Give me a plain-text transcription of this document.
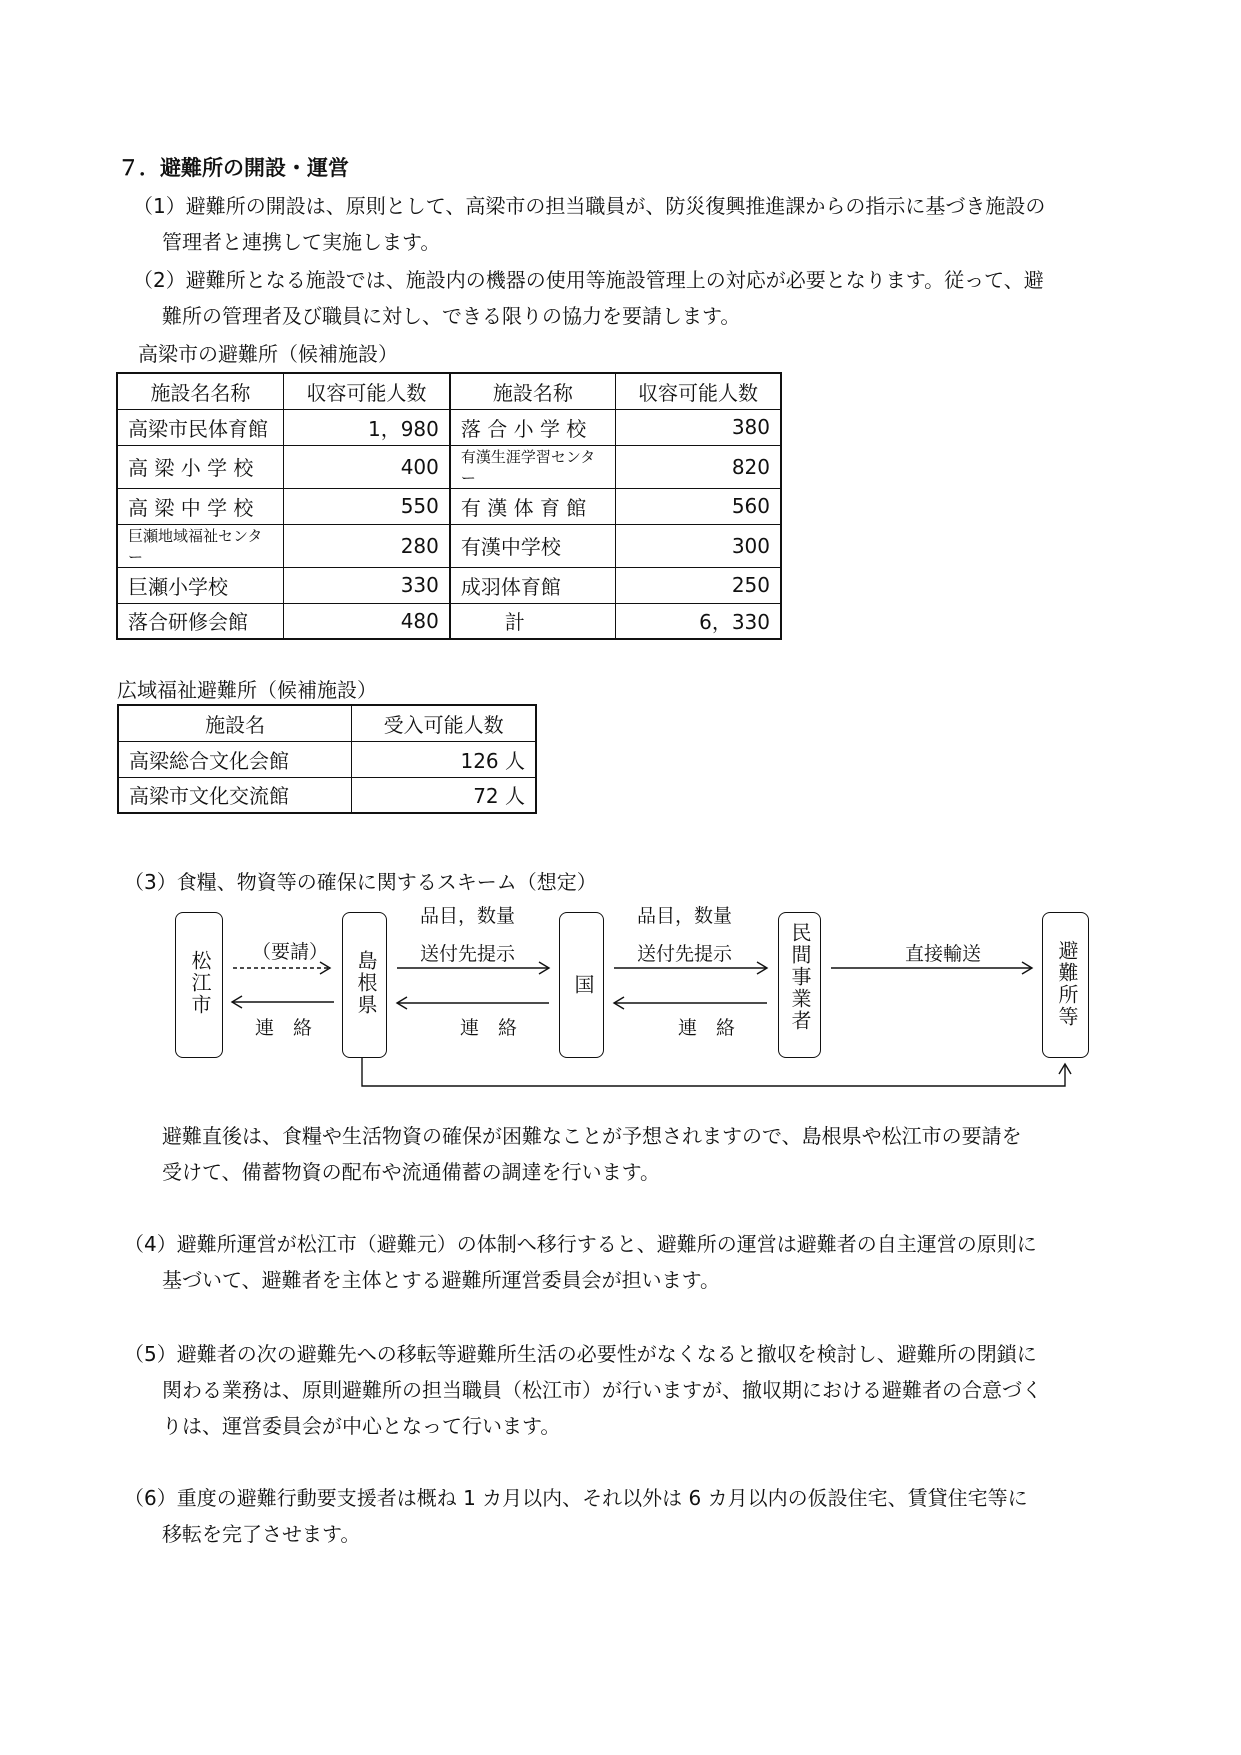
７．避難所の開設・運営
（1）避難所の開設は、原則として、高梁市の担当職員が、防災復興推進課からの指示に基づき施設の
管理者と連携して実施します。
（2）避難所となる施設では、施設内の機器の使用等施設管理上の対応が必要となります。従って、避
難所の管理者及び職員に対し、できる限りの協力を要請します。
高梁市の避難所（候補施設）
施設名名称	収容可能人数	施設名称	収容可能人数
高梁市民体育館	1，980	落 合 小 学 校	380
高 梁 小 学 校	400	有漢生涯学習センター	820
高 梁 中 学 校	550	有 漢 体 育 館	560
巨瀬地域福祉センター	280	有漢中学校	300
巨瀬小学校	330	成羽体育館	250
落合研修会館	480	計	6，330
広域福祉避難所（候補施設）
施設名	受入可能人数
高梁総合文化会館	126 人
高梁市文化交流館	72 人
（3）食糧、物資等の確保に関するスキーム（想定）
松江市	島根県	国	民間事業者	避難所等
（要請）
連　絡
品目，数量
送付先提示
連　絡
品目，数量
送付先提示
連　絡
直接輸送
避難直後は、食糧や生活物資の確保が困難なことが予想されますので、島根県や松江市の要請を
受けて、備蓄物資の配布や流通備蓄の調達を行います。
（4）避難所運営が松江市（避難元）の体制へ移行すると、避難所の運営は避難者の自主運営の原則に
基づいて、避難者を主体とする避難所運営委員会が担います。
（5）避難者の次の避難先への移転等避難所生活の必要性がなくなると撤収を検討し、避難所の閉鎖に
関わる業務は、原則避難所の担当職員（松江市）が行いますが、撤収期における避難者の合意づく
りは、運営委員会が中心となって行います。
（6）重度の避難行動要支援者は概ね 1 カ月以内、それ以外は 6 カ月以内の仮設住宅、賃貸住宅等に
移転を完了させます。
